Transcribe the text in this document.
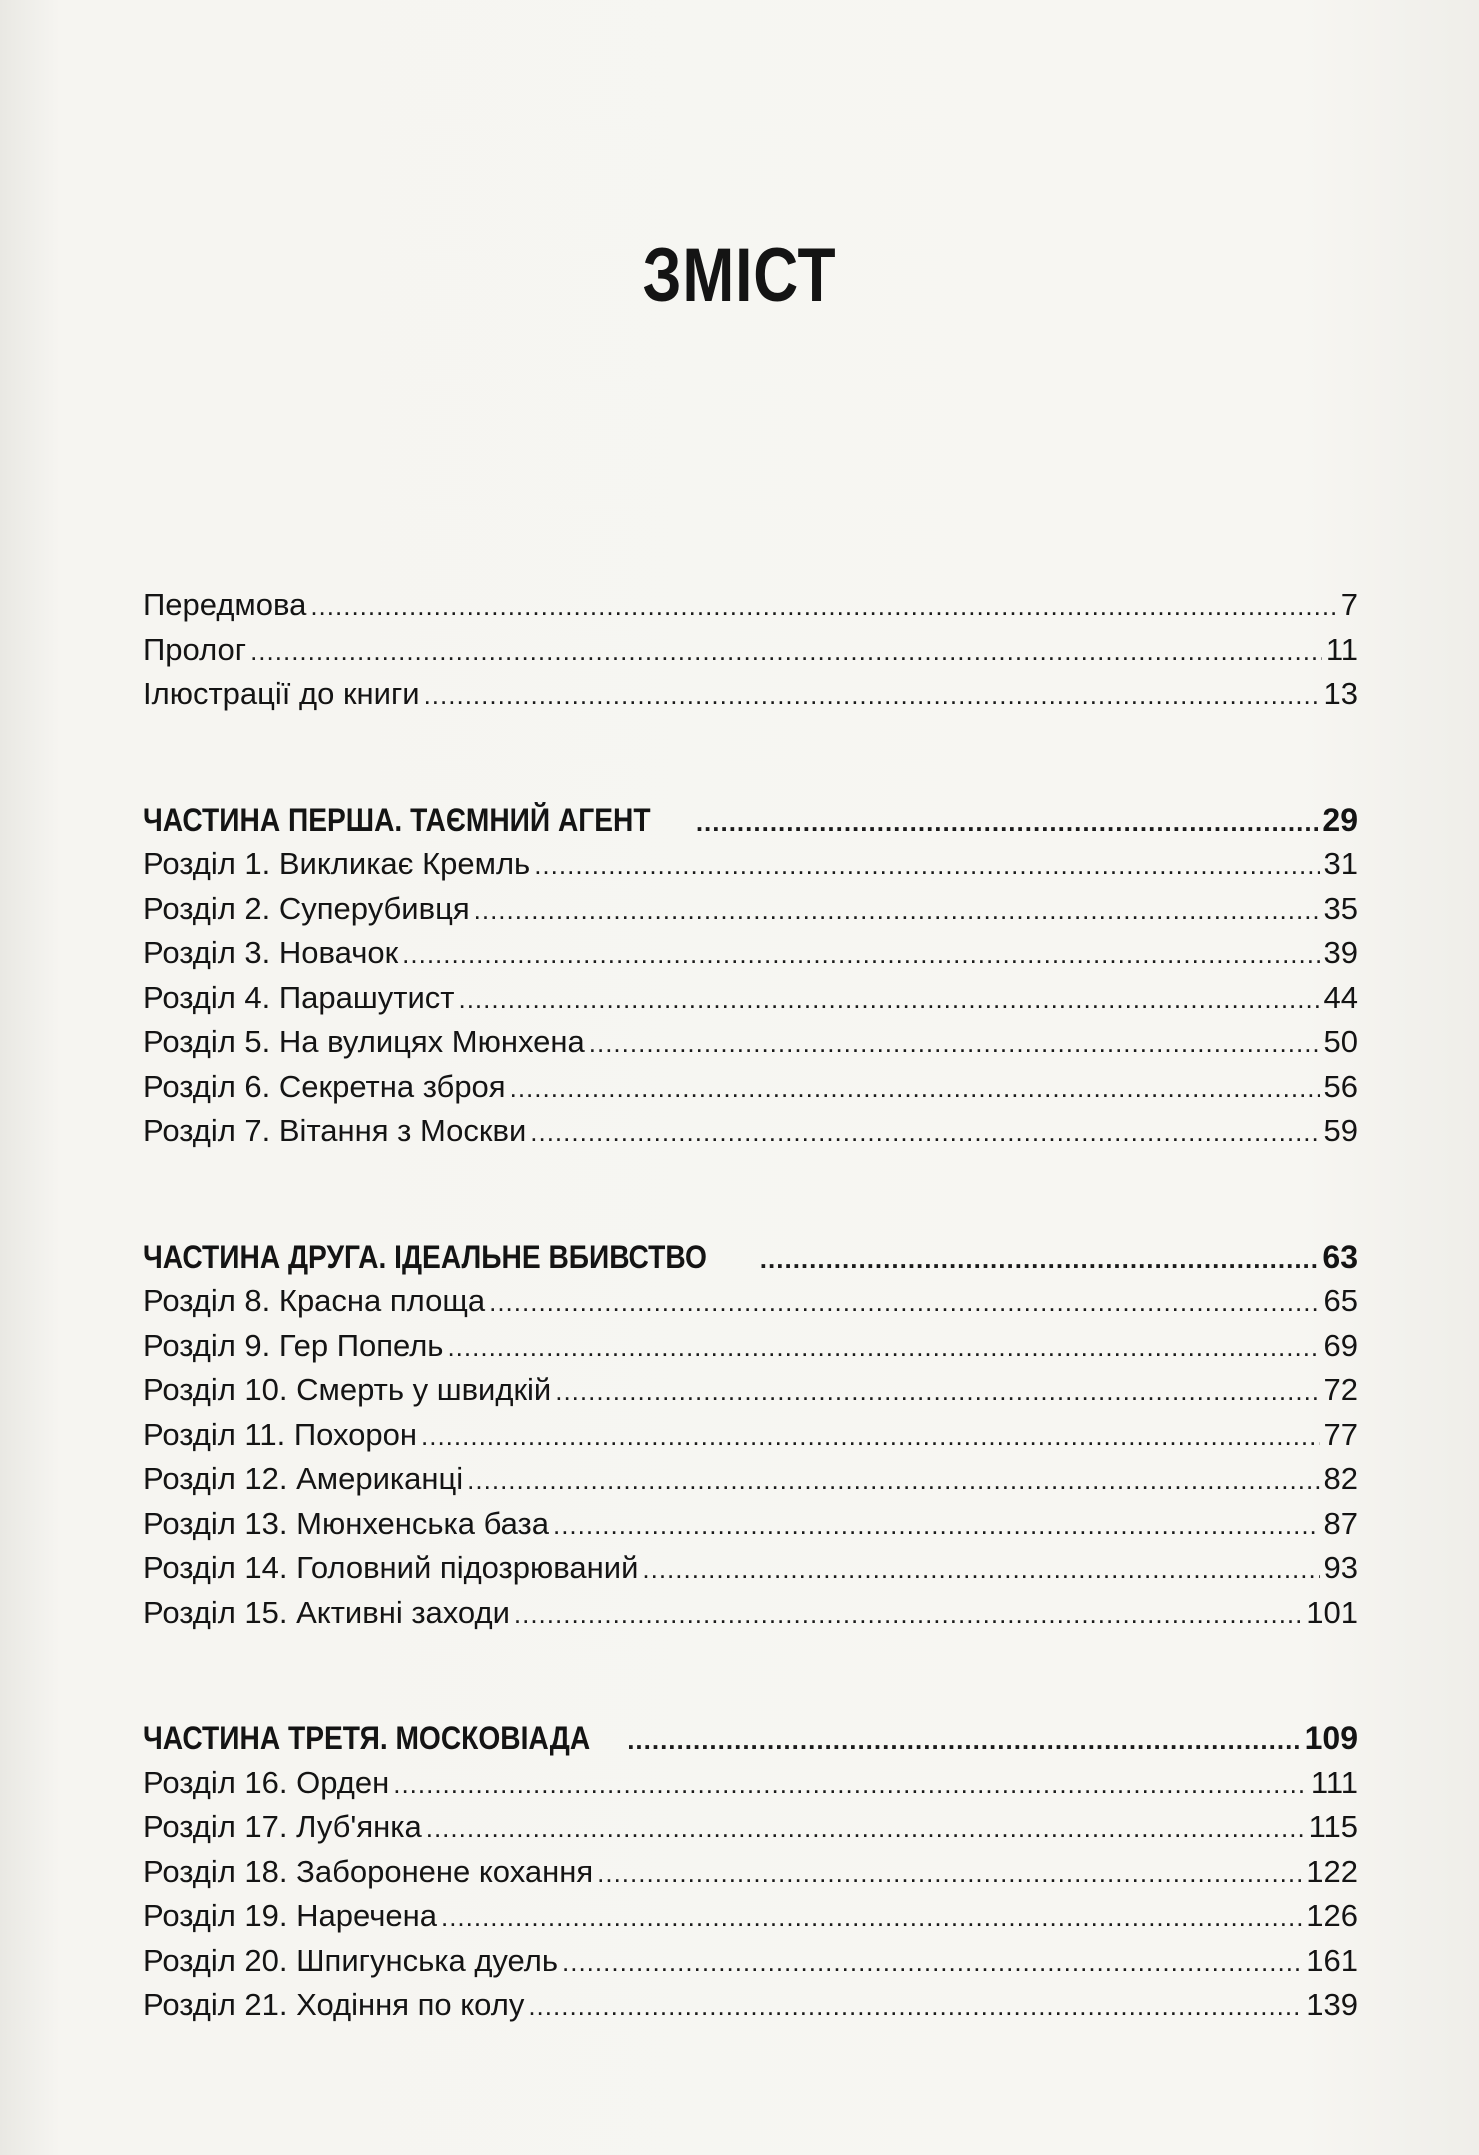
ЗМІСТ
Передмова .....	7
Пролог .....	11
Ілюстрації до книги .....	13
ЧАСТИНА ПЕРША. ТАЄМНИЙ АГЕНТ .....	29
Розділ 1. Викликає Кремль .....	31
Розділ 2. Суперубивця .....	35
Розділ 3. Новачок .....	39
Розділ 4. Парашутист .....	44
Розділ 5. На вулицях Мюнхена .....	50
Розділ 6. Секретна зброя .....	56
Розділ 7. Вітання з Москви .....	59
ЧАСТИНА ДРУГА. ІДЕАЛЬНЕ ВБИВСТВО .....	63
Розділ 8. Красна площа .....	65
Розділ 9. Гер Попель .....	69
Розділ 10. Смерть у швидкій .....	72
Розділ 11. Похорон .....	77
Розділ 12. Американці .....	82
Розділ 13. Мюнхенська база .....	87
Розділ 14. Головний підозрюваний .....	93
Розділ 15. Активні заходи .....	101
ЧАСТИНА ТРЕТЯ. МОСКОВІАДА .....	109
Розділ 16. Орден .....	111
Розділ 17. Луб'янка .....	115
Розділ 18. Заборонене кохання .....	122
Розділ 19. Наречена .....	126
Розділ 20. Шпигунська дуель .....	161
Розділ 21. Ходіння по колу .....	139
